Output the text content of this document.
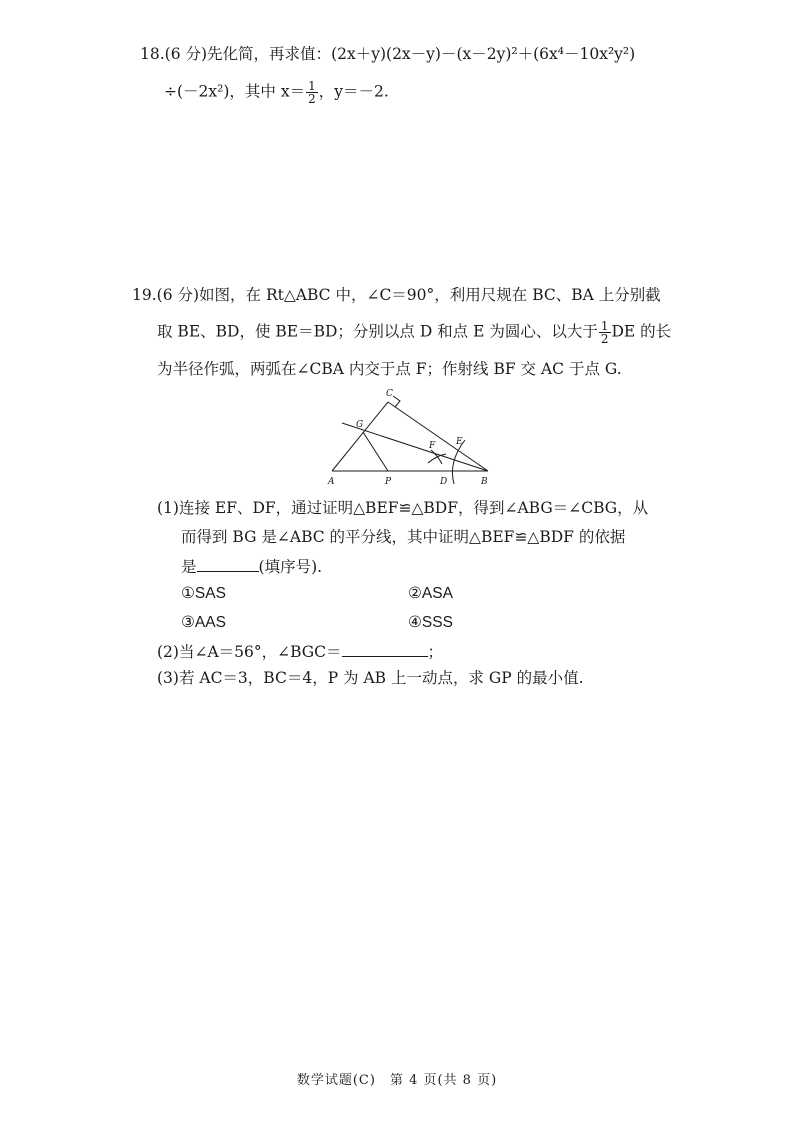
18.(6 分)先化简，再求值：(2x＋y)(2x－y)－(x－2y)²＋(6x⁴－10x²y²)
÷(－2x²)，其中 $x= \frac{1}{2}$ ，y＝－2.
19.(6 分)如图，在 Rt△ABC 中，∠C＝90°，利用尺规在 BC、BA 上分别截
取 BE、BD，使 BE＝BD；分别以点 D 和点 E 为圆心、以大于 $\frac{1}{2}$ DE 的长
为半径作弧，两弧在∠CBA 内交于点 F；作射线 BF 交 AC 于点 G.
C
G
F E
A	P	D	B
(1)连接 EF、DF，通过证明△BEF≌△BDF，得到∠ABG＝∠CBG，从
而得到 BG 是∠ABC 的平分线，其中证明△BEF≌△BDF 的依据
是	(填序号).
①SAS	②ASA
③AAS	④SSS
(2)当∠A＝56°，∠BGC＝	；
(3)若 AC＝3，BC＝4，P 为 AB 上一动点，求 GP 的最小值.
数学试题(C)　第 4 页(共 8 页)
